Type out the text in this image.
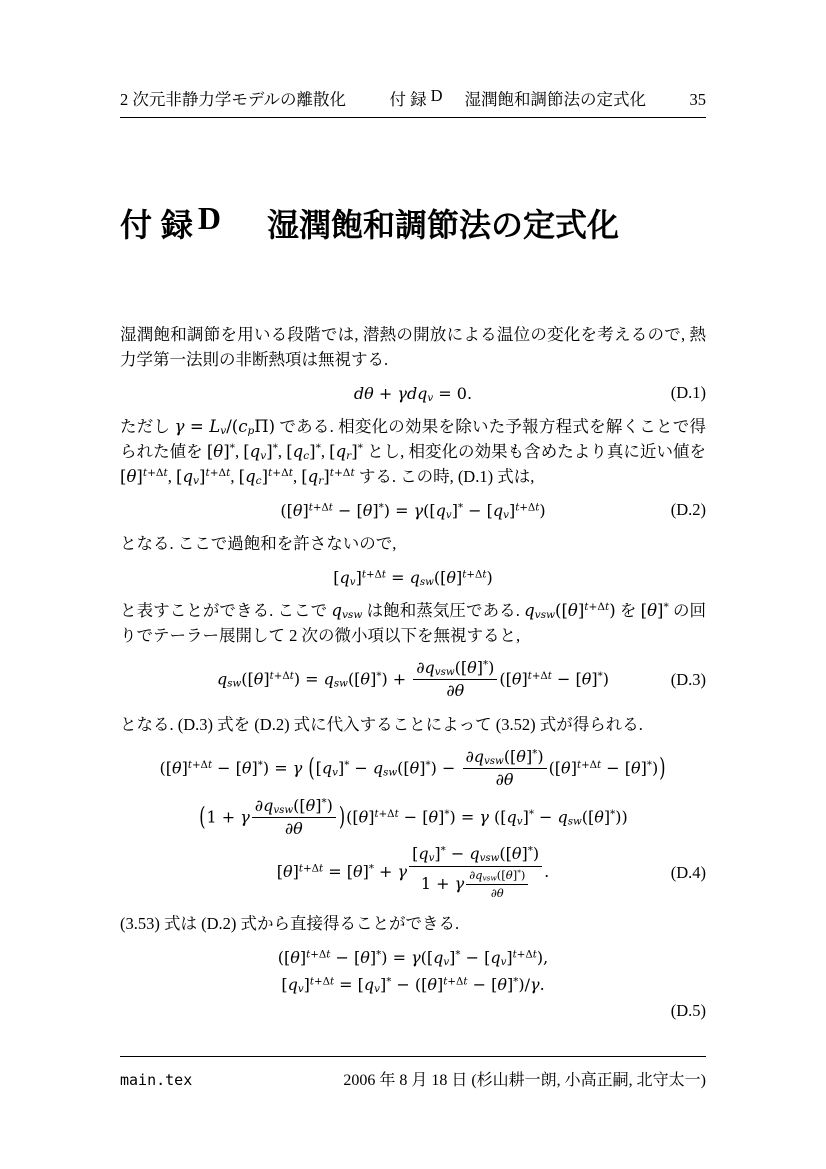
2 次元非静力学モデルの離散化	付 録 D 湿潤飽和調節法の定式化	35
付 録 D 湿潤飽和調節法の定式化

湿潤飽和調節を用いる段階では, 潜熱の開放による温位の変化を考えるので, 熱力学第一法則の非断熱項は無視する.

dθ + γdq$_v$ = 0.	(D.1)

ただし $\gamma = L_v/(c_p\Pi)$ である. 相変化の効果を除いた予報方程式を解くことで得られた値を [θ]*, $[q_v]^*$, $[q_c]^*$, $[q_r]^*$ とし, 相変化の効果も含めたより真に近い値を $[\theta]^{t+\Delta t}$, $[q_v]^{t+\Delta t}$, $[q_c]^{t+\Delta t}$, $[q_r]^{t+\Delta t}$ する. この時, (D.1) 式は,

$([\theta]^{t+\Delta t} - [\theta]^*) = \gamma([q_v]^* - [q_v]^{t+\Delta t})$	(D.2)

となる. ここで過飽和を許さないので,

$[q_v]^{t+\Delta t} = q_{sw}([\theta]^{t+\Delta t})$

と表すことができる. ここで $q_{vsw}$ は飽和蒸気圧である. $q_{vsw}([\theta]^{t+\Delta t})$ を [θ]* の回りでテーラー展開して 2 次の微小項以下を無視すると,

$q_{sw}([\theta]^{t+\Delta t}) = q_{sw}([\theta]^*) + \frac{\partial q_{vsw}([\theta]^*)}{\partial\theta} ([\theta]^{t+\Delta t} - [\theta]^*)$	(D.3)

となる. (D.3) 式を (D.2) 式に代入することによって (3.52) 式が得られる.

$([\theta]^{t+\Delta t} - [\theta]^*) = \gamma$ $([q_v]^* - q_{sw}([\theta]^*) - \frac{\partial q_{vsw}([\theta]^*)}{\partial\theta} ([\theta]^{t+\Delta t} - [\theta]^*))$
(1 + γ $\frac{\partial q_{vsw}([\theta]^*)}{\partial\theta} )([\theta]^{t+\Delta t} - [\theta]^*) = \gamma$ $([q_v]^* - q_{sw}([\theta]^*))$
$[\theta]^{t+\Delta t} = [\theta]^* + \gamma \frac{[q_v]^* - q_{vsw}([\theta]^*)}{1 + \gamma \frac{\partial q_{vsw}([\theta]^*)}{\partial\theta}}$ .	(D.4)

(3.53) 式は (D.2) 式から直接得ることができる.

$([\theta]^{t+\Delta t} - [\theta]^*) = \gamma([q_v]^* - [q_v]^{t+\Delta t})$,
$[q_v]^{t+\Delta t} = [q_v]^* - ([\theta]^{t+\Delta t} - [\theta]^*)/\gamma$.
(D.5)
main.tex	2006 年 8 月 18 日 (杉山耕一朗, 小高正嗣, 北守太一)
